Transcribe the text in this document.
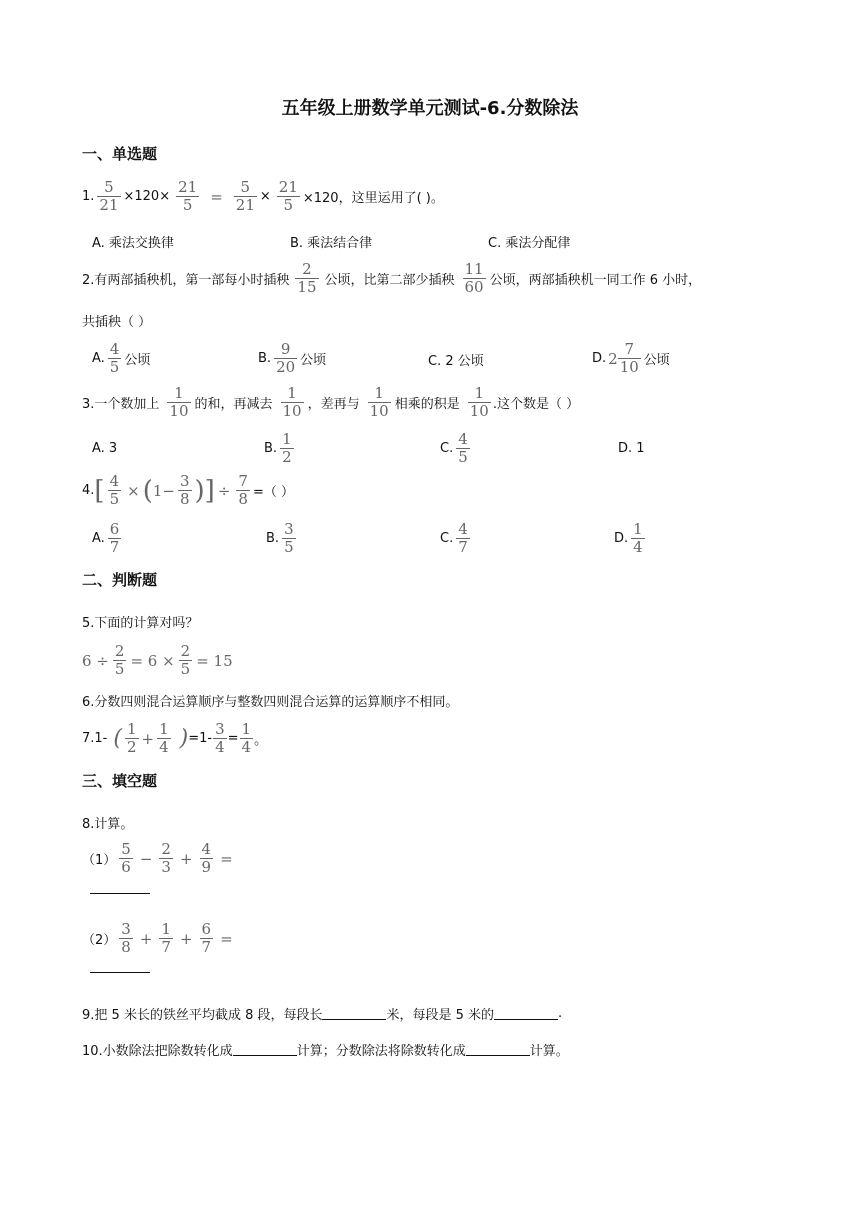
五年级上册数学单元测试-6.分数除法
一、单选题
1. $\frac{5}{21} \times 120\times \frac{21}{5} = \frac{5}{21} \times \frac{21}{5} \times 120$，这里运用了( )。
A. 乘法交换律	B. 乘法结合律	C. 乘法分配律
2.有两部插秧机，第一部每小时插秧 $\frac{2}{15}$ 公顷，比第二部少插秧 $\frac{11}{60}$ 公顷，两部插秧机一同工作 6 小时，
共插秧（ ）
A. $\frac{4}{5}$ 公顷	B. $\frac{9}{20}$ 公顷	C. 2 公顷	D. $2 \frac{7}{10}$ 公顷
3.一个数加上 $\frac{1}{10}$ 的和，再减去 $\frac{1}{10}$ ，差再与 $\frac{1}{10}$ 相乘的积是 $\frac{1}{10}$ .这个数是（ ）
A. 3	B. $\frac{1}{2}$	C. $\frac{4}{5}$	D. 1
4. [ $\frac{4}{5}$ × ( $1- \frac{3}{8}$ ) ] ÷ $\frac{7}{8}$ =（ ）
A. $\frac{6}{7}$	B. $\frac{3}{5}$	C. $\frac{4}{7}$	D. $\frac{1}{4}$
二、判断题
5.下面的计算对吗？
$6 \div \frac{2}{5} = 6 \times \frac{2}{5} = 15$
6.分数四则混合运算顺序与整数四则混合运算的运算顺序不相同。
7.1- ( $\frac{1}{2} + \frac{1}{4}$ ) $=1- \frac{3}{4} = \frac{1}{4}$ 。
三、填空题
8.计算。
$(1) \frac{5}{6} - \frac{2}{3} + \frac{4}{9}$ =
$(2) \frac{3}{8} + \frac{1}{7} + \frac{6}{7}$ =
9.把 5 米长的铁丝平均截成 8 段，每段长	米，每段是 5 米的	.
10.小数除法把除数转化成	计算；分数除法将除数转化成	计算。
